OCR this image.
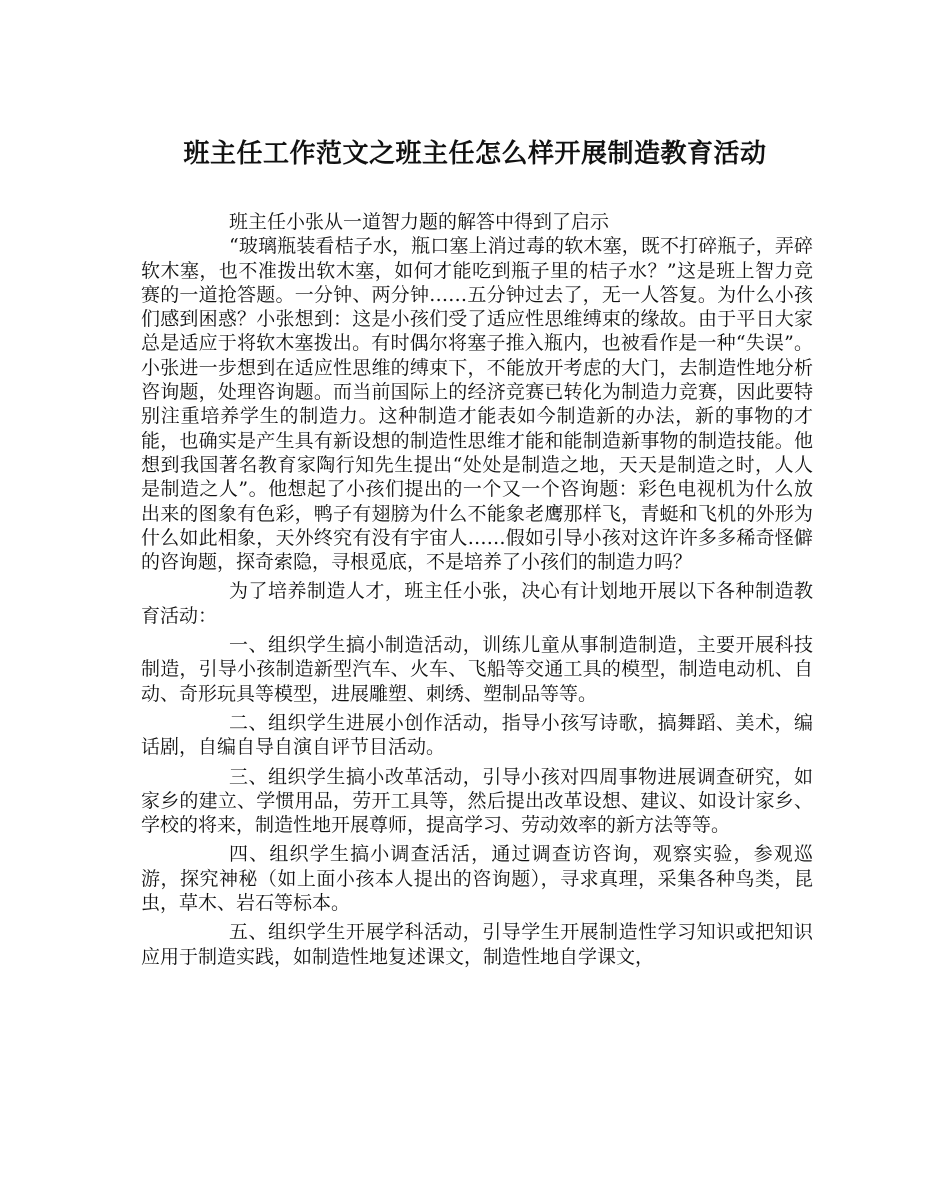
班主任工作范文之班主任怎么样开展制造教育活动

班主任小张从一道智力题的解答中得到了启示

“玻璃瓶装看桔子水，瓶口塞上消过毒的软木塞，既不打碎瓶子，弄碎软木塞，也不准拨出软木塞，如何才能吃到瓶子里的桔子水？”这是班上智力竞赛的一道抢答题。一分钟、两分钟……五分钟过去了，无一人答复。为什么小孩们感到困惑？小张想到：这是小孩们受了适应性思维缚束的缘故。由于平日大家总是适应于将软木塞拨出。有时偶尔将塞子推入瓶内，也被看作是一种“失误”。小张进一步想到在适应性思维的缚束下，不能放开考虑的大门，去制造性地分析咨询题，处理咨询题。而当前国际上的经济竞赛已转化为制造力竞赛，因此要特别注重培养学生的制造力。这种制造才能表如今制造新的办法，新的事物的才能，也确实是产生具有新设想的制造性思维才能和能制造新事物的制造技能。他想到我国著名教育家陶行知先生提出“处处是制造之地，天天是制造之时，人人是制造之人”。他想起了小孩们提出的一个又一个咨询题：彩色电视机为什么放出来的图象有色彩，鸭子有翅膀为什么不能象老鹰那样飞，青蜓和飞机的外形为什么如此相象，天外终究有没有宇宙人……假如引导小孩对这许许多多稀奇怪僻的咨询题，探奇索隐，寻根觅底，不是培养了小孩们的制造力吗？

为了培养制造人才，班主任小张，决心有计划地开展以下各种制造教育活动：

一、组织学生搞小制造活动，训练儿童从事制造制造，主要开展科技制造，引导小孩制造新型汽车、火车、飞船等交通工具的模型，制造电动机、自动、奇形玩具等模型，进展雕塑、刺绣、塑制品等等。

二、组织学生进展小创作活动，指导小孩写诗歌，搞舞蹈、美术，编话剧，自编自导自演自评节目活动。

三、组织学生搞小改革活动，引导小孩对四周事物进展调查研究，如家乡的建立、学惯用品，劳开工具等，然后提出改革设想、建议、如设计家乡、学校的将来，制造性地开展尊师，提高学习、劳动效率的新方法等等。

四、组织学生搞小调查活活，通过调查访咨询，观察实验，参观巡游，探究神秘（如上面小孩本人提出的咨询题），寻求真理，采集各种鸟类，昆虫，草木、岩石等标本。

五、组织学生开展学科活动，引导学生开展制造性学习知识或把知识应用于制造实践，如制造性地复述课文，制造性地自学课文，
